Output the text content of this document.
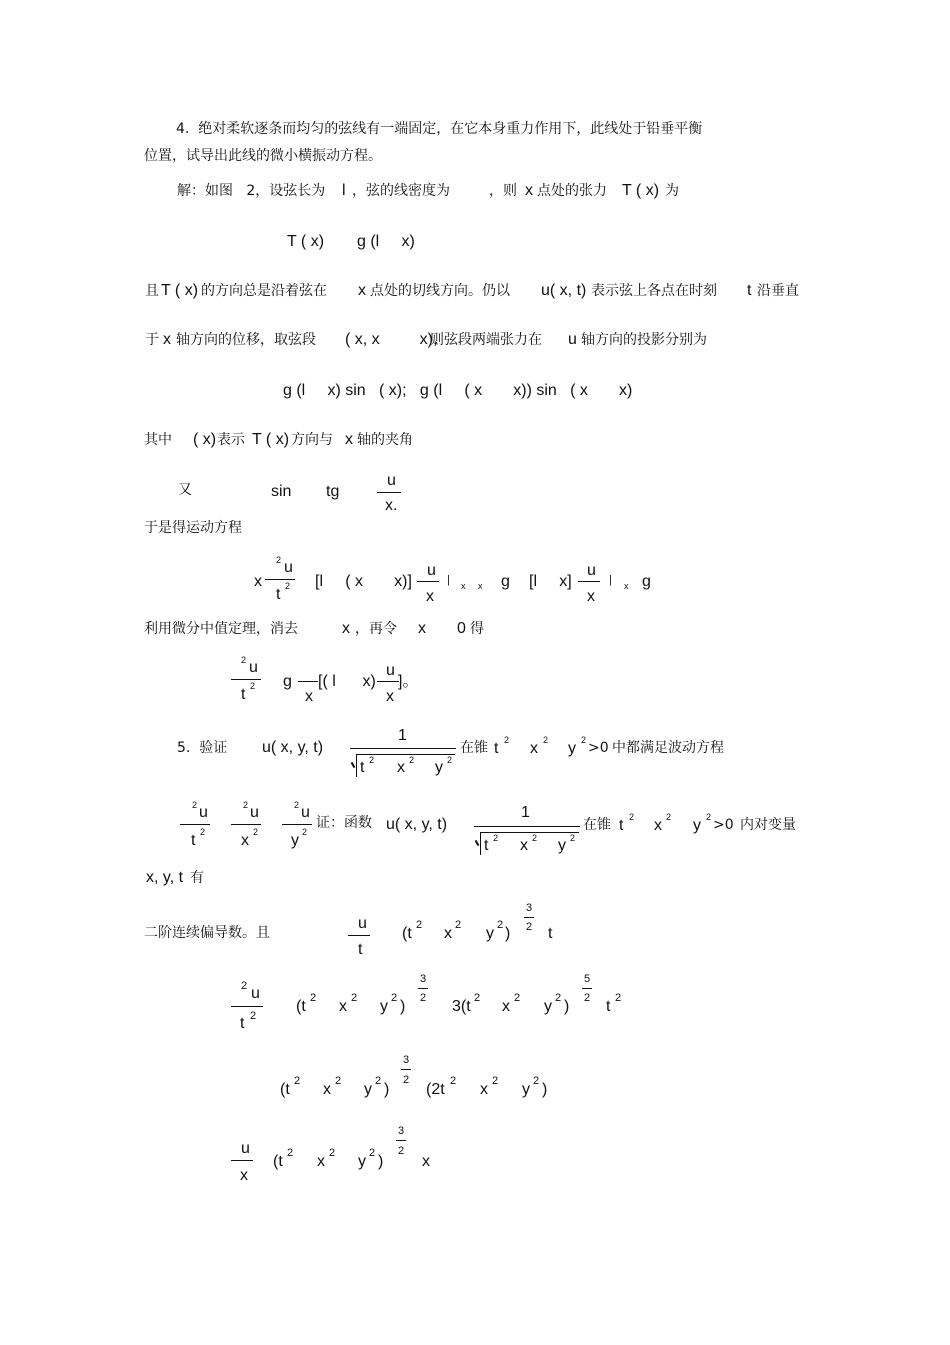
4.  绝对柔软逐条而均匀的弦线有一端固定，在它本身重力作用下，此线处于铅垂平衡
位置，试导出此线的微小横振动方程。
解：如图   2，设弦长为 l ，弦的线密度为	，则 x 点处的张力 T ( x) 为
T ( x) g (l     x)
且 T ( x) 的方向总是沿着弦在 x 点处的切线方向。仍以 u( x, t) 表示弦上各点在时刻 t 沿垂直
于 x 轴方向的位移，取弦段 ( x, x         x),
则弦段两端张力在 u 轴方向的投影分别为
g (l     x) sin   ( x);   g (l     ( x       x)) sin   ( x       x)
其中 ( x) 表示 T ( x) 方向与 x 轴的夹角
又	sin tg
u
x.
于是得运动方程
x
2 u
t 2 [l     ( x       x)]
u
x
| x     x g [l     x]
u
x
| x g
利用微分中值定理，消去	x ，再令 x 0 得
2 u
t 2 g
x
[( l      x)
u
x
]。
5.  验证 u( x, y, t)
1
t 2 x 2 y 2
在锥 t 2 x 2 y 2 >0 中都满足波动方程
2 u
t 2
2 u
x 2
2 u
y 2
证：函数 u( x, y, t)
1
t 2 x 2 y 2
在锥 t 2 x 2 y 2 >0 内对变量
x, y, t 有
二阶连续偏导数。且
u
t
(t 2 x 2 y 2 )
3
2 t
2 u
t 2
(t 2 x 2 y 2 )
3
2 3(t 2 x 2 y 2 )
5
2 t 2
(t 2 x 2 y 2 )
3
2
(2t 2 x 2 y 2 )
u
x
(t 2 x 2 y 2 )
3
2
x
